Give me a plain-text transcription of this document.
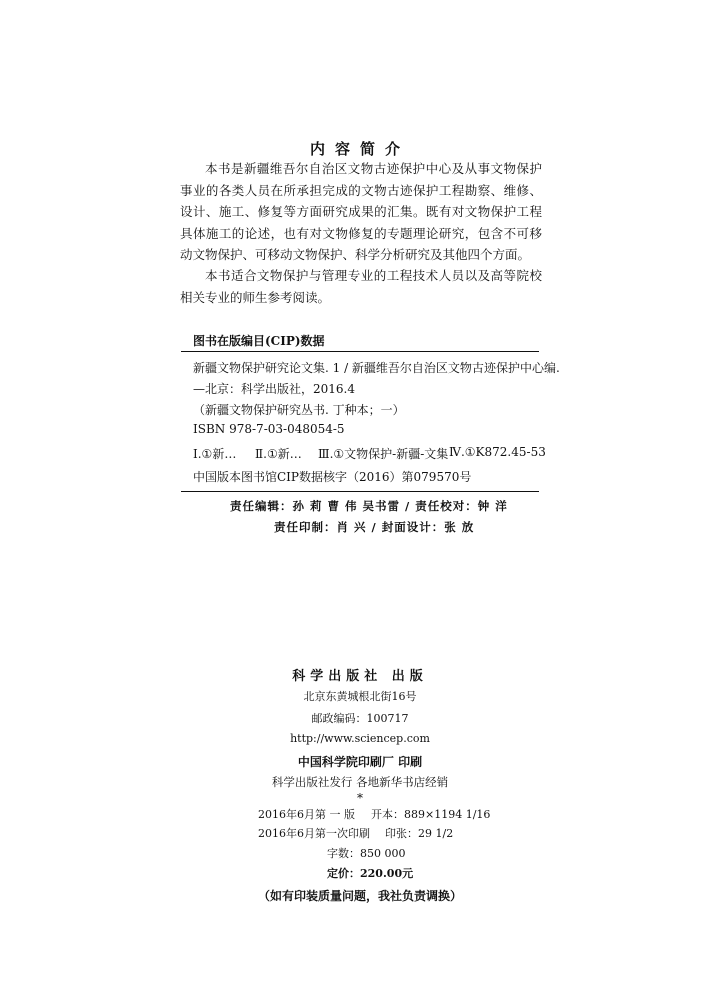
内容简介
本书是新疆维吾尔自治区文物古迹保护中心及从事文物保护事业的各类人员在所承担完成的文物古迹保护工程勘察、维修、设计、施工、修复等方面研究成果的汇集。既有对文物保护工程具体施工的论述，也有对文物修复的专题理论研究，包含不可移动文物保护、可移动文物保护、科学分析研究及其他四个方面。
本书适合文物保护与管理专业的工程技术人员以及高等院校相关专业的师生参考阅读。
图书在版编目(CIP)数据
新疆文物保护研究论文集. 1 / 新疆维吾尔自治区文物古迹保护中心编.
—北京：科学出版社，2016.4
（新疆文物保护研究丛书. 丁种本；一）
ISBN 978-7-03-048054-5
Ⅰ.①新… Ⅱ.①新… Ⅲ.①文物保护-新疆-文集 Ⅳ.①K872.45-53
中国版本图书馆CIP数据核字（2016）第079570号
责任编辑：孙 莉 曹 伟 吴书雷 / 责任校对：钟 洋
责任印制：肖 兴 / 封面设计：张 放
科学出版社 出版
北京东黄城根北街16号
邮政编码：100717
http://www.sciencep.com
中国科学院印刷厂 印刷
科学出版社发行 各地新华书店经销
*
2016年6月第 一 版 开本：889×1194 1/16
2016年6月第一次印刷 印张：29 1/2
字数：850 000
定价：220.00元
（如有印装质量问题，我社负责调换）
